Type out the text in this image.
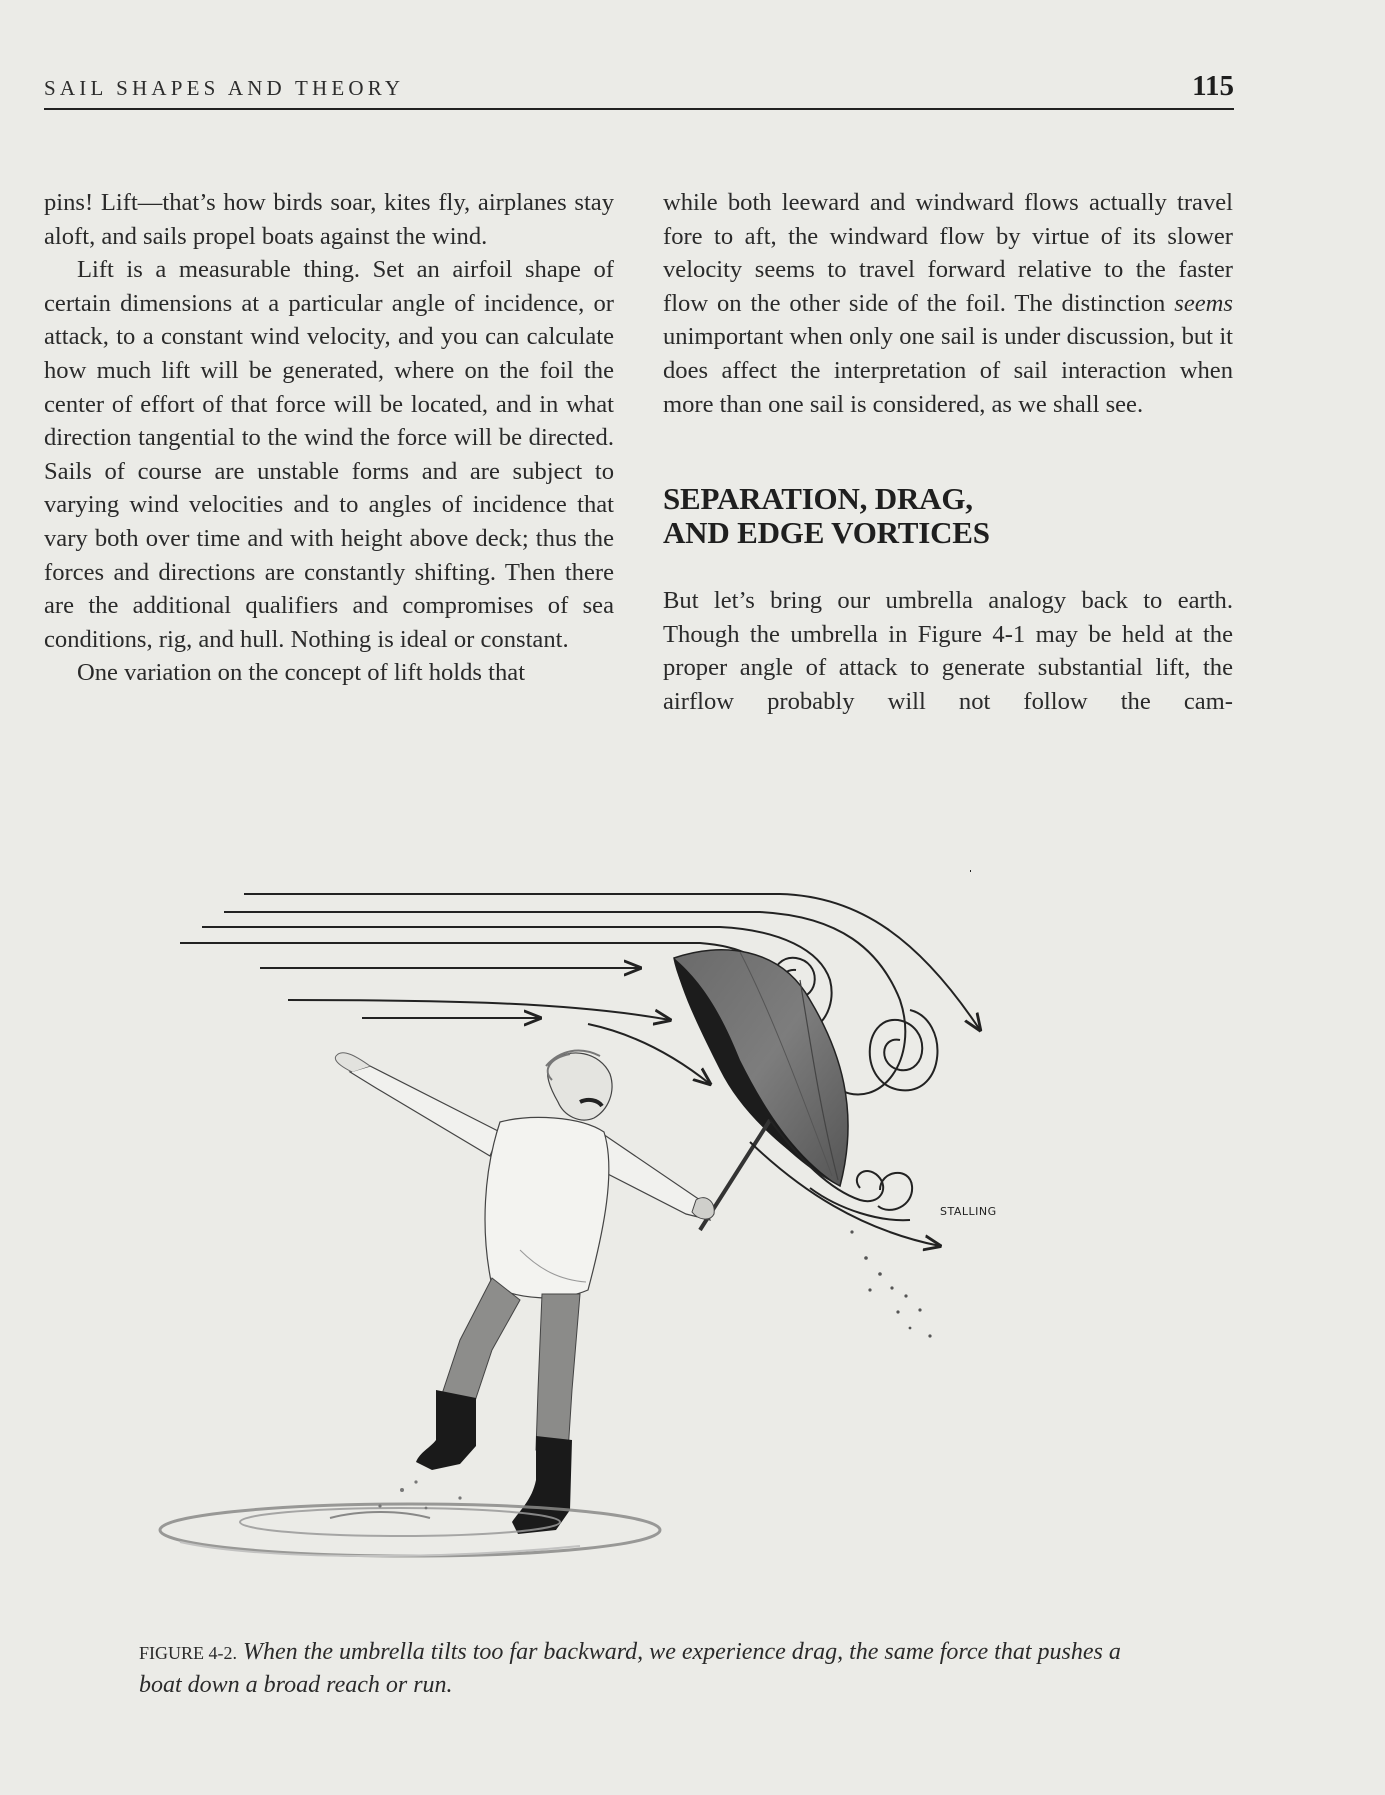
SAIL SHAPES AND THEORY	115

pins! Lift—that’s how birds soar, kites fly, airplanes stay aloft, and sails propel boats against the wind.

Lift is a measurable thing. Set an airfoil shape of certain dimensions at a particular angle of incidence, or attack, to a constant wind velocity, and you can calculate how much lift will be generated, where on the foil the center of effort of that force will be located, and in what direction tangential to the wind the force will be directed. Sails of course are unstable forms and are subject to varying wind velocities and to angles of incidence that vary both over time and with height above deck; thus the forces and directions are constantly shifting. Then there are the additional qualifiers and compromises of sea conditions, rig, and hull. Nothing is ideal or constant.

One variation on the concept of lift holds that

while both leeward and windward flows actually travel fore to aft, the windward flow by virtue of its slower velocity seems to travel forward relative to the faster flow on the other side of the foil. The distinction seems unimportant when only one sail is under discussion, but it does affect the interpretation of sail interaction when more than one sail is considered, as we shall see.

SEPARATION, DRAG,
AND EDGE VORTICES

But let’s bring our umbrella analogy back to earth. Though the umbrella in Figure 4-1 may be held at the proper angle of attack to generate substantial lift, the airflow probably will not follow the cam-

STALLING
FIGURE 4-2. When the umbrella tilts too far backward, we experience drag, the same force that pushes a boat down a broad reach or run.
